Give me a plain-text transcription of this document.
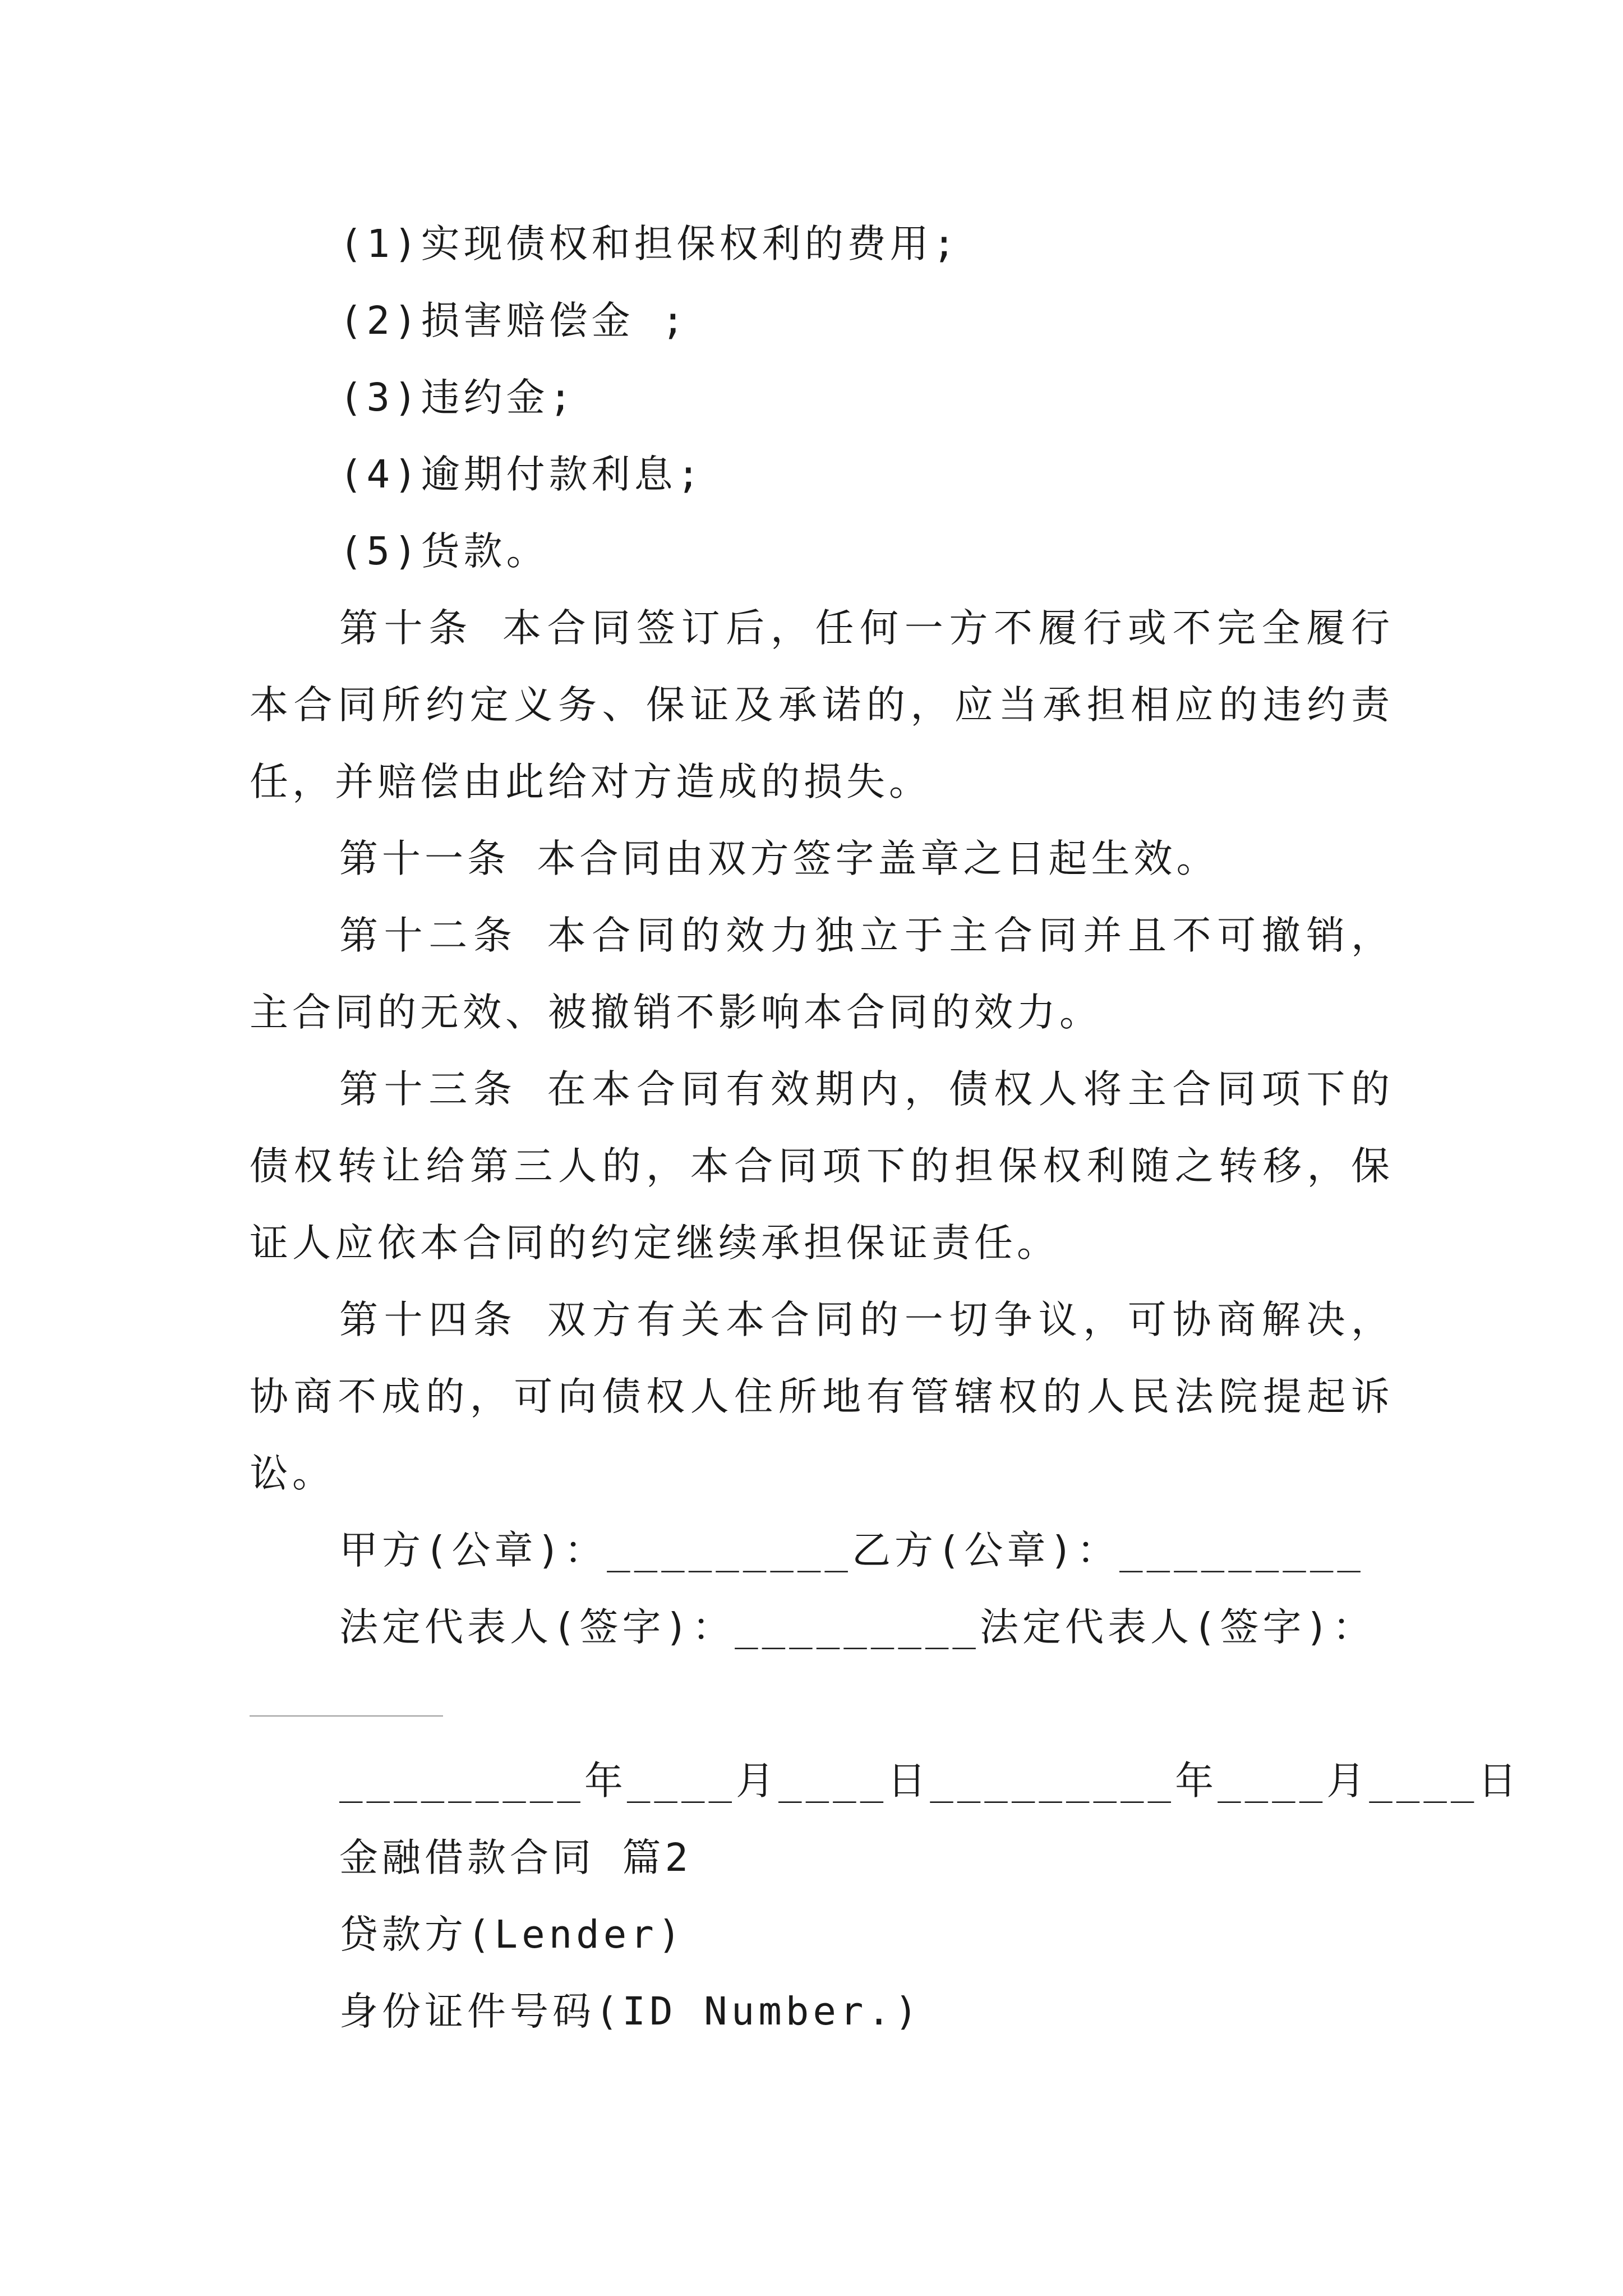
(1)实现债权和担保权利的费用;
(2)损害赔偿金 ;
(3)违约金;
(4)逾期付款利息;
(5)货款。
第十条 本合同签订后，任何一方不履行或不完全履行
本合同所约定义务、保证及承诺的，应当承担相应的违约责
任，并赔偿由此给对方造成的损失。
第十一条 本合同由双方签字盖章之日起生效。
第十二条 本合同的效力独立于主合同并且不可撤销，
主合同的无效、被撤销不影响本合同的效力。
第十三条 在本合同有效期内，债权人将主合同项下的
债权转让给第三人的，本合同项下的担保权利随之转移，保
证人应依本合同的约定继续承担保证责任。
第十四条 双方有关本合同的一切争议，可协商解决，
协商不成的，可向债权人住所地有管辖权的人民法院提起诉
讼。
甲方(公章)：_________乙方(公章)：_________
法定代表人(签字)：_________法定代表人(签字)：
_________年____月____日_________年____月____日
金融借款合同 篇2
贷款方(Lender)
身份证件号码(ID Number.)
